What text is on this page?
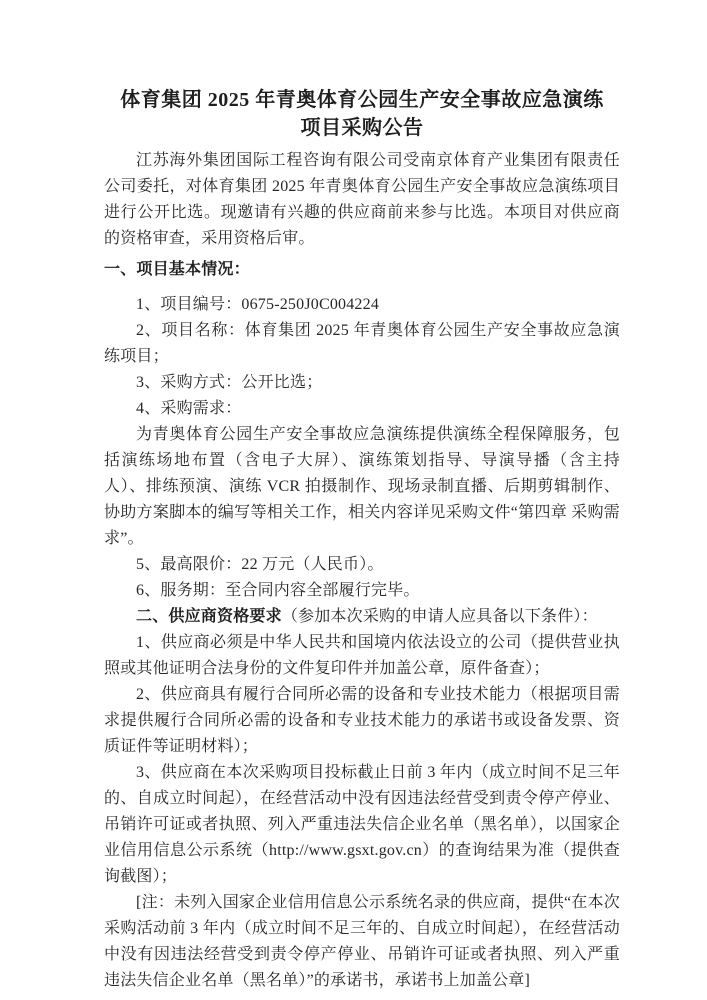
体育集团 2025 年青奥体育公园生产安全事故应急演练
项目采购公告

江苏海外集团国际工程咨询有限公司受南京体育产业集团有限责任公司委托，对体育集团 2025 年青奥体育公园生产安全事故应急演练项目进行公开比选。现邀请有兴趣的供应商前来参与比选。本项目对供应商的资格审查，采用资格后审。

一、项目基本情况：

1、项目编号：0675-250J0C004224

2、项目名称：体育集团 2025 年青奥体育公园生产安全事故应急演练项目；

3、采购方式：公开比选；

4、采购需求：

为青奥体育公园生产安全事故应急演练提供演练全程保障服务，包括演练场地布置（含电子大屏）、演练策划指导、导演导播（含主持人）、排练预演、演练 VCR 拍摄制作、现场录制直播、后期剪辑制作、协助方案脚本的编写等相关工作，相关内容详见采购文件“第四章 采购需求”。

5、最高限价：22 万元（人民币）。

6、服务期：至合同内容全部履行完毕。

二、供应商资格要求（参加本次采购的申请人应具备以下条件）：

1、供应商必须是中华人民共和国境内依法设立的公司（提供营业执照或其他证明合法身份的文件复印件并加盖公章，原件备查）；

2、供应商具有履行合同所必需的设备和专业技术能力（根据项目需求提供履行合同所必需的设备和专业技术能力的承诺书或设备发票、资质证件等证明材料）；

3、供应商在本次采购项目投标截止日前 3 年内（成立时间不足三年的、自成立时间起），在经营活动中没有因违法经营受到责令停产停业、吊销许可证或者执照、列入严重违法失信企业名单（黑名单），以国家企业信用信息公示系统（http://www.gsxt.gov.cn）的查询结果为准（提供查询截图）；

[注：未列入国家企业信用信息公示系统名录的供应商，提供“在本次采购活动前 3 年内（成立时间不足三年的、自成立时间起），在经营活动中没有因违法经营受到责令停产停业、吊销许可证或者执照、列入严重违法失信企业名单（黑名单）”的承诺书，承诺书上加盖公章]
